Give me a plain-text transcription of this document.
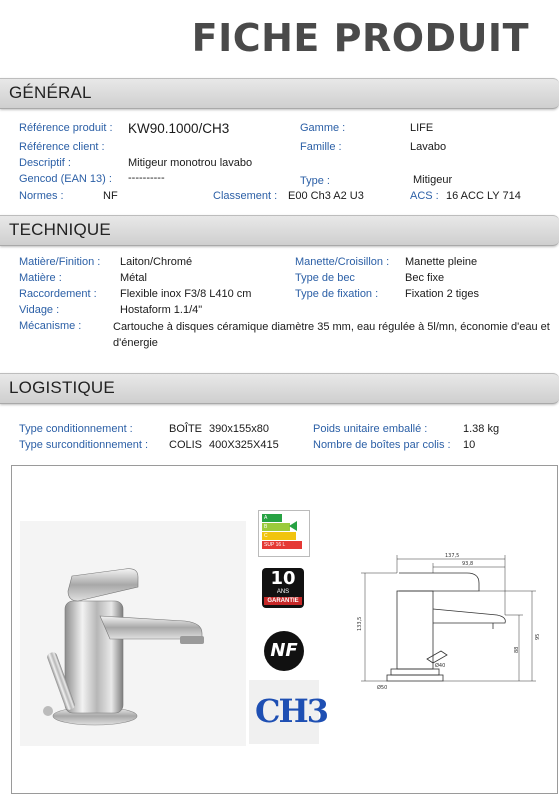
FICHE PRODUIT
GÉNÉRAL
Référence produit : KW90.1000/CH3	Gamme :	LIFE
Référence client :	Famille :	Lavabo
Descriptif :	Mitigeur monotrou lavabo
Gencod (EAN 13) : ----------	Type :	Mitigeur
Normes :	NF	Classement : E00 Ch3 A2 U3	ACS : 16 ACC LY 714
TECHNIQUE
Matière/Finition : Laiton/Chromé	Manette/Croisillon : Manette pleine
Matière :	Métal	Type de bec	Bec fixe
Raccordement : Flexible inox F3/8 L410 cm	Type de fixation : Fixation 2 tiges
Vidage :	Hostaform 1.1/4"
Mécanisme :	Cartouche à disques céramique diamètre 35 mm, eau régulée à 5l/mn, économie d'eau et d'énergie
LOGISTIQUE
Type conditionnement :	BOÎTE 390x155x80	Poids unitaire emballé :	1.38 kg
Type surconditionnement : COLIS 400X325X415	Nombre de boîtes par colis : 10
A
B
C
SUP 16 L
10
ANS
GARANTIE
NF
CH3
137,5
93,8
133,5
95
88
Ø50
Ø40
